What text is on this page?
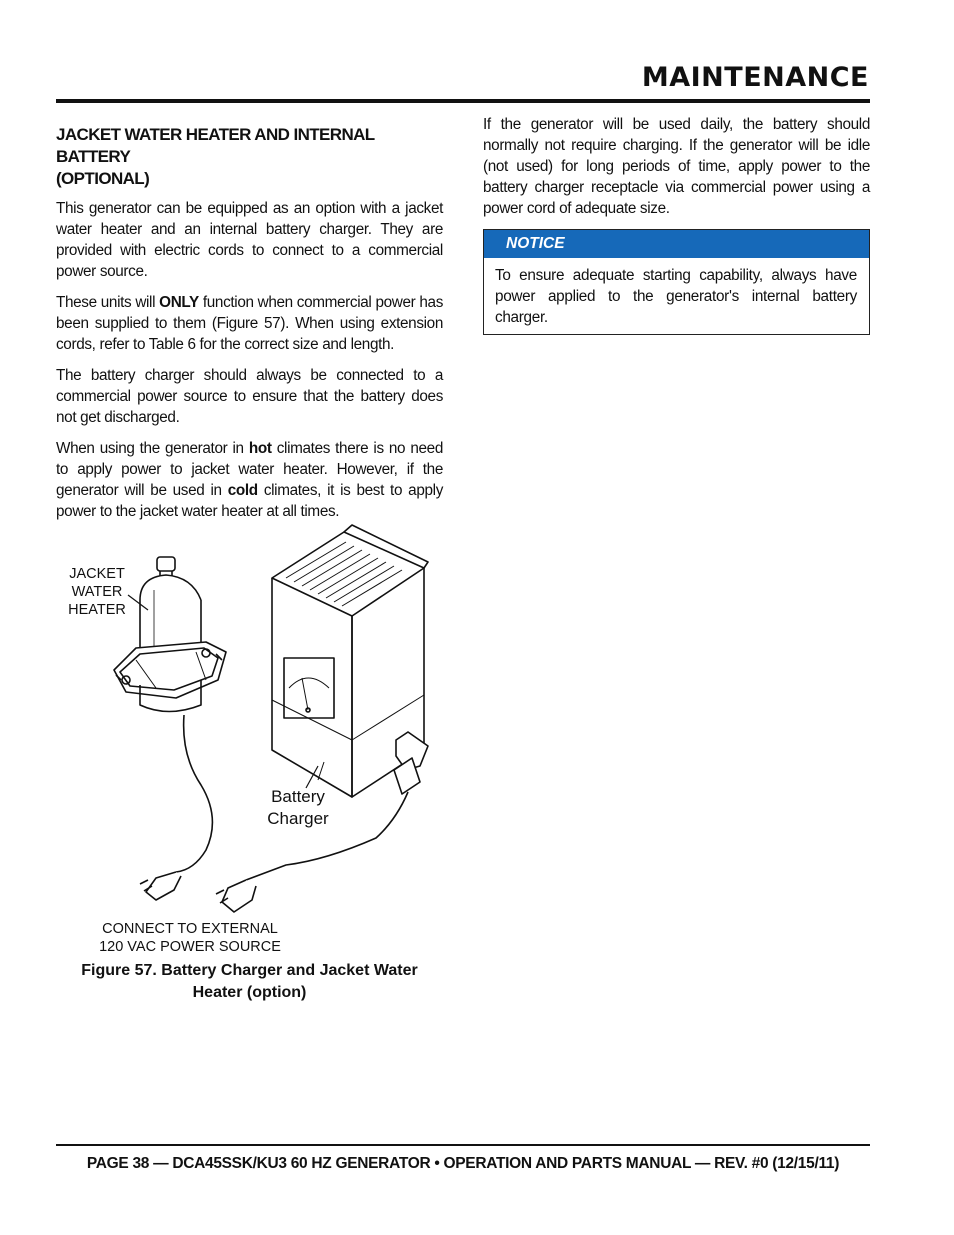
MAINTENANCE
JACKET WATER HEATER AND INTERNAL BATTERY
(OPTIONAL)

This generator can be equipped as an option with a jacket water heater and an internal battery charger. They are provided with electric cords to connect to a commercial power source.

These units will ONLY function when commercial power has been supplied to them (Figure 57). When using extension cords, refer to Table 6 for the correct size and length.

The battery charger should always be connected to a commercial power source to ensure that the battery does not get discharged.

When using the generator in hot climates there is no need to apply power to jacket water heater. However, if the generator will be used in cold climates, it is best to apply power to the jacket water heater at all times.

If the generator will be used daily, the battery should normally not require charging. If the generator will be idle (not used) for long periods of time, apply power to the battery charger receptacle via commercial power using a power cord of adequate size.

NOTICE
To ensure adequate starting capability, always have power applied to the generator's internal battery charger.
JACKET
WATER
HEATER
Battery
Charger
CONNECT TO EXTERNAL
120 VAC POWER SOURCE
Figure 57. Battery Charger and Jacket Water
Heater (option)
PAGE 38 — DCA45SSK/KU3 60 HZ GENERATOR • OPERATION AND PARTS MANUAL — REV. #0 (12/15/11)
